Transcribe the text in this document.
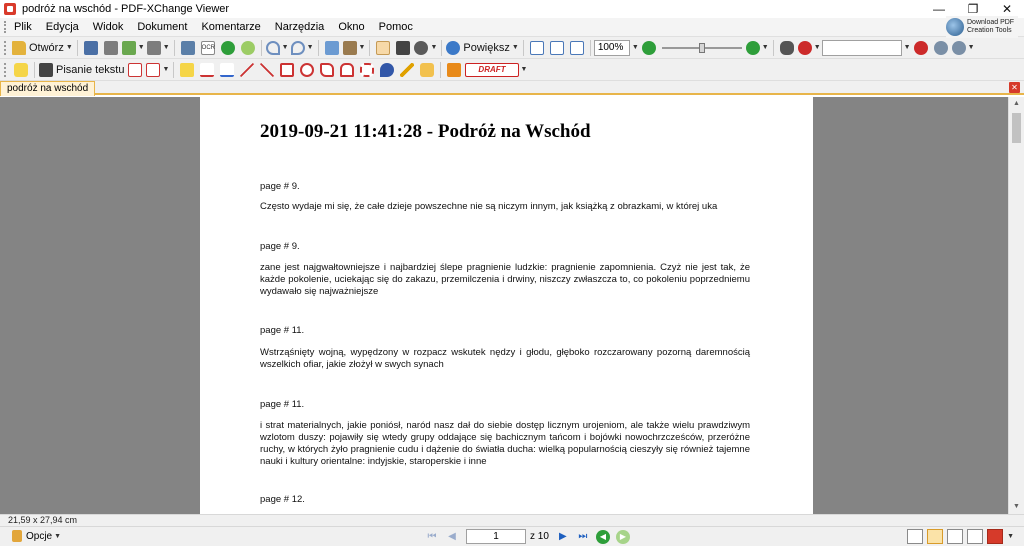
podróż na wschód - PDF-XChange Viewer	—	❐	✕
Plik	Edycja	Widok	Dokument	Komentarze	Narzędzia	Okno	Pomoc	Download PDF
Creation Tools
Otwórz ▼	▼	▼	OCR	▼	▼	▼	▼ Powiększ ▼	100%	▼	▼	▼	▼	▼
Pisanie tekstu	▼	DRAFT	▼
podróż na wschód	✕
2019-09-21 11:41:28 - Podróż na Wschód
page # 9.
Często wydaje mi się, że całe dzieje powszechne nie są niczym innym, jak książką z obrazkami, w której uka
page # 9.
zane jest najgwałtowniejsze i najbardziej ślepe pragnienie ludzkie: pragnienie zapomnienia. Czyż nie jest tak, że każde pokolenie, uciekając się do zakazu, przemilczenia i drwiny, niszczy zwłaszcza to, co pokoleniu poprzedniemu wydawało się najważniejsze
page # 11.
Wstrząśnięty wojną, wypędzony w rozpacz wskutek nędzy i głodu, głęboko rozczarowany pozorną daremnością wszelkich ofiar, jakie złożył w swych synach
page # 11.
i strat materialnych, jakie poniósł, naród nasz dał do siebie dostęp licznym urojeniom, ale także wielu prawdziwym wzlotom duszy: pojawiły się wtedy grupy oddające się bachicznym tańcom i bojówki nowochrzcześców, przeróżne ruchy, w których żyło pragnienie cudu i dążenie do światła ducha: wielką popularnością cieszyły się również tajemne nauki i kultury orientalne: indyjskie, staroperskie i inne
page # 12.
▲
▼
21,59 x 27,94 cm
Opcje ▼	⏮	◀	1	z 10	▶	⏭	◀	▶	▼
